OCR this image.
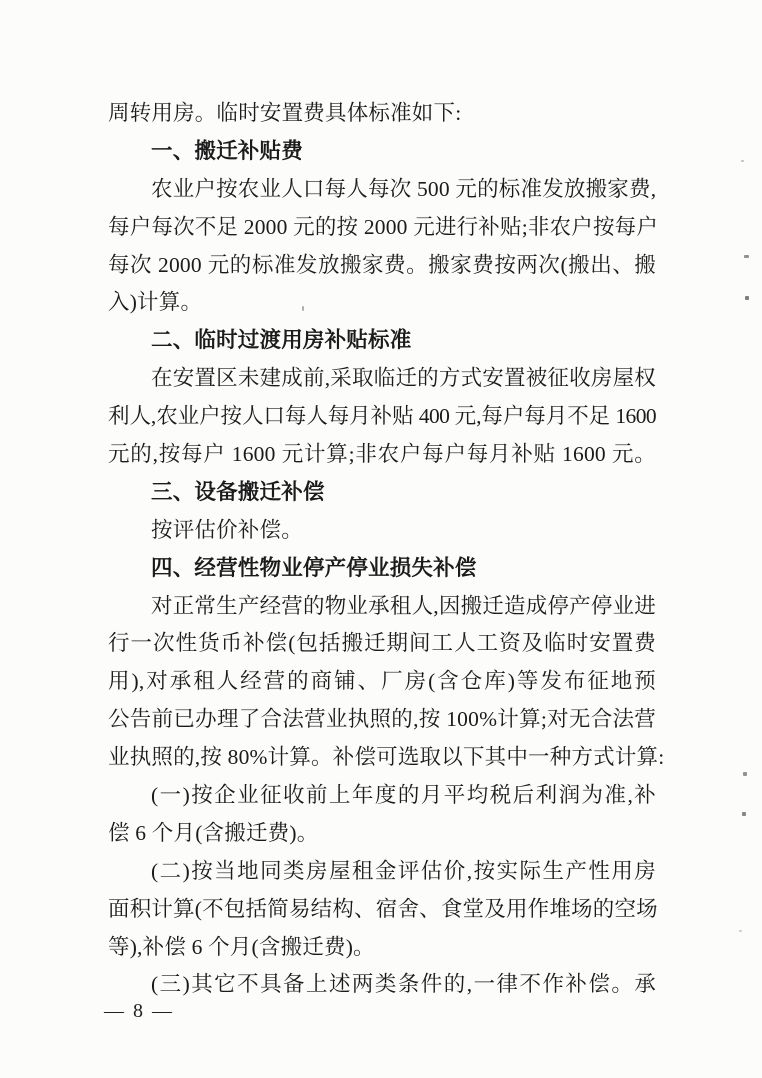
周转用房。临时安置费具体标准如下:
一、搬迁补贴费
农业户按农业人口每人每次 500 元的标准发放搬家费,
每户每次不足 2000 元的按 2000 元进行补贴;非农户按每户
每次 2000 元的标准发放搬家费。搬家费按两次(搬出、搬
入)计算。
二、临时过渡用房补贴标准
在安置区未建成前,采取临迁的方式安置被征收房屋权
利人,农业户按人口每人每月补贴 400 元,每户每月不足 1600
元的,按每户 1600 元计算;非农户每户每月补贴 1600 元。
三、设备搬迁补偿
按评估价补偿。
四、经营性物业停产停业损失补偿
对正常生产经营的物业承租人,因搬迁造成停产停业进
行一次性货币补偿(包括搬迁期间工人工资及临时安置费
用),对承租人经营的商铺、厂房(含仓库)等发布征地预
公告前已办理了合法营业执照的,按 100%计算;对无合法营
业执照的,按 80%计算。补偿可选取以下其中一种方式计算:
(一)按企业征收前上年度的月平均税后利润为准,补
偿 6 个月(含搬迁费)。
(二)按当地同类房屋租金评估价,按实际生产性用房
面积计算(不包括简易结构、宿舍、食堂及用作堆场的空场
等),补偿 6 个月(含搬迁费)。
(三)其它不具备上述两类条件的,一律不作补偿。承
— 8 —
